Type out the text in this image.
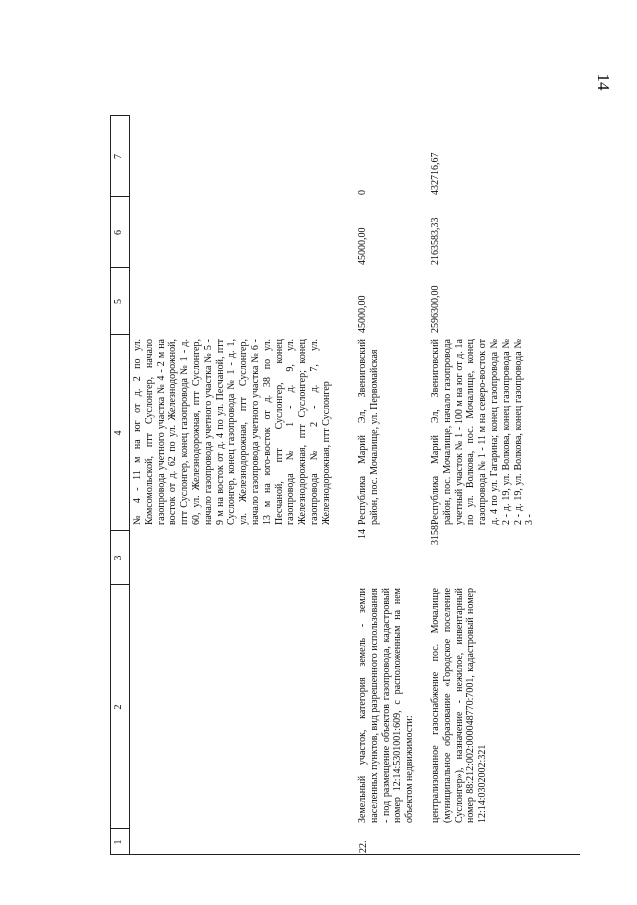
14
1
2
3
4
5
6
7
№ 4 - 11 м на юг от д. 2 по ул. Комсомольской, птт Суслонгер, начало газопровода учетного участка № 4 - 2 м на восток от д. 62 по ул. Железнодорожной, птт Суслонгер, конец газопровода № 1 - д. 60, ул. Железнодорожная, птт Суслонгер, начало газопровода учетного участка № 5 - 9 м на восток от д. 4 по ул. Песчаной, птт Суслонгер, конец газопровода № 1 - д. 1, ул. Железнодорожная, птт Суслонгер, начало газопровода учетного участка № 6 - 13 м на юго-восток от д. 38 по ул. Песчаной, птт Суслонгер, конец газопровода № 1 - д. 9, ул. Железнодорожная, птт Суслонгер; конец газопровода № 2 - д. 7, ул. Железнодорожная, птт Суслонгер
22.
Земельный участок, категория земель - земли населенных пунктов, вид разрешенного использования - под размещение объектов газопровода, кадастровый номер 12:14:5301001:609, с расположенным на нем объектом недвижимости:
14
Республика Марий Эл, Звениговский район, пос. Мочалище, ул. Первомайская
45000,00
45000,00
0
централизованное газоснабжение пос. Мочалище (муниципальное образование «Городское поселение Суслонгер»), назначение - нежилое, инвентарный номер 88:212:002:000048770:7001, кадастровый номер 12:14:0302002:321
3158
Республика Марий Эл, Звениговский район, пос. Мочалище, начало газопровода учетный участок № 1 - 100 м на юг от д. 1а по ул. Волкова, пос. Мочалище, конец газопровода № 1 - 11 м на северо-восток от д. 4 по ул. Гагарина; конец газопровода № 2 - д. 19, ул. Волкова, конец газопровода № 2 - д. 19, ул. Волкова, конец газопровода № 3 -
2596300,00
2163583,33
432716,67
